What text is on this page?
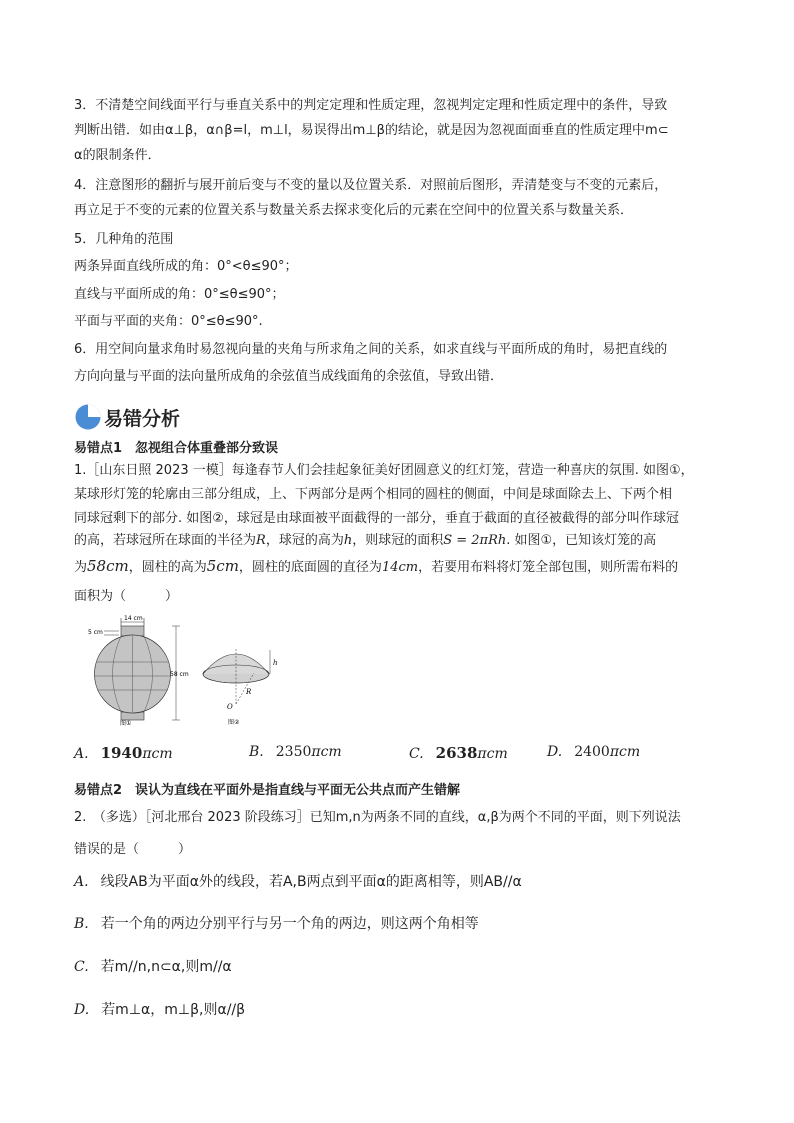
3．不清楚空间线面平行与垂直关系中的判定定理和性质定理，忽视判定定理和性质定理中的条件，导致
判断出错．如由α⊥β，α∩β=l，m⊥l，易误得出m⊥β的结论，就是因为忽视面面垂直的性质定理中m⊂
α的限制条件．
4．注意图形的翻折与展开前后变与不变的量以及位置关系．对照前后图形，弄清楚变与不变的元素后，
再立足于不变的元素的位置关系与数量关系去探求变化后的元素在空间中的位置关系与数量关系．
5．几种角的范围
两条异面直线所成的角：0°<θ≤90°；
直线与平面所成的角：0°≤θ≤90°；
平面与平面的夹角：0°≤θ≤90°.
6．用空间向量求角时易忽视向量的夹角与所求角之间的关系，如求直线与平面所成的角时，易把直线的
方向向量与平面的法向量所成角的余弦值当成线面角的余弦值，导致出错．
易错分析
易错点1　忽视组合体重叠部分致误
1.［山东日照 2023 一模］每逢春节人们会挂起象征美好团圆意义的红灯笼，营造一种喜庆的氛围. 如图①，
某球形灯笼的轮廓由三部分组成，上、下两部分是两个相同的圆柱的侧面，中间是球面除去上、下两个相
同球冠剩下的部分. 如图②，球冠是由球面被平面截得的一部分，垂直于截面的直径被截得的部分叫作球冠
的高，若球冠所在球面的半径为R，球冠的高为h，则球冠的面积S = 2πRh. 如图①，已知该灯笼的高
为58cm，圆柱的高为5cm，圆柱的底面圆的直径为14cm，若要用布料将灯笼全部包围，则所需布料的
面积为（　　　）
14 cm
5 cm
58 cm
图①
h
R
O
图②
A. 1940πcm	B. 2350πcm	C. 2638πcm	D. 2400πcm
易错点2　误认为直线在平面外是指直线与平面无公共点而产生错解
2.　（多选）［河北邢台 2023 阶段练习］已知m,n为两条不同的直线，α,β为两个不同的平面，则下列说法
错误的是（　　　）
A. 线段AB为平面α外的线段，若A,B两点到平面α的距离相等，则AB//α
B. 若一个角的两边分别平行与另一个角的两边，则这两个角相等
C. 若m//n,n⊂α,则m//α
D. 若m⊥α，m⊥β,则α//β
